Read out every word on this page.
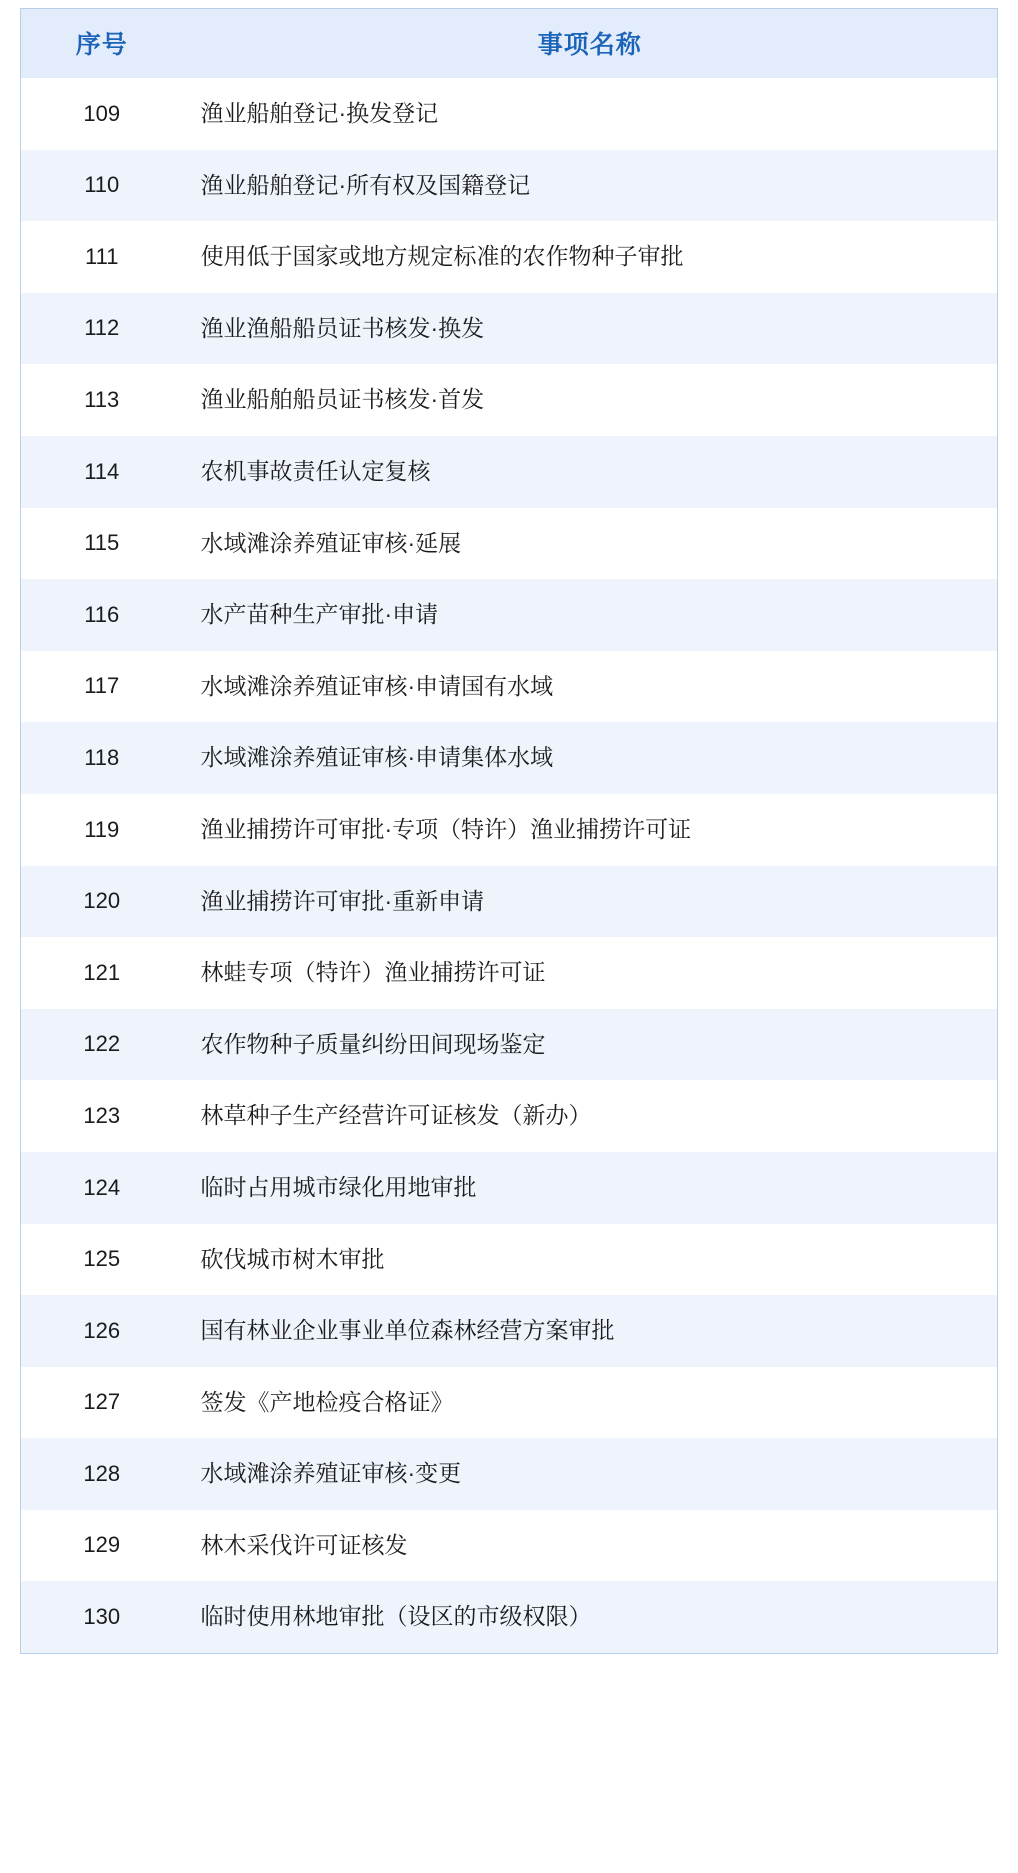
序号	事项名称
109	渔业船舶登记·换发登记
110	渔业船舶登记·所有权及国籍登记
111	使用低于国家或地方规定标准的农作物种子审批
112	渔业渔船船员证书核发·换发
113	渔业船舶船员证书核发·首发
114	农机事故责任认定复核
115	水域滩涂养殖证审核·延展
116	水产苗种生产审批·申请
117	水域滩涂养殖证审核·申请国有水域
118	水域滩涂养殖证审核·申请集体水域
119	渔业捕捞许可审批·专项（特许）渔业捕捞许可证
120	渔业捕捞许可审批·重新申请
121	林蛙专项（特许）渔业捕捞许可证
122	农作物种子质量纠纷田间现场鉴定
123	林草种子生产经营许可证核发（新办）
124	临时占用城市绿化用地审批
125	砍伐城市树木审批
126	国有林业企业事业单位森林经营方案审批
127	签发《产地检疫合格证》
128	水域滩涂养殖证审核·变更
129	林木采伐许可证核发
130	临时使用林地审批（设区的市级权限）
